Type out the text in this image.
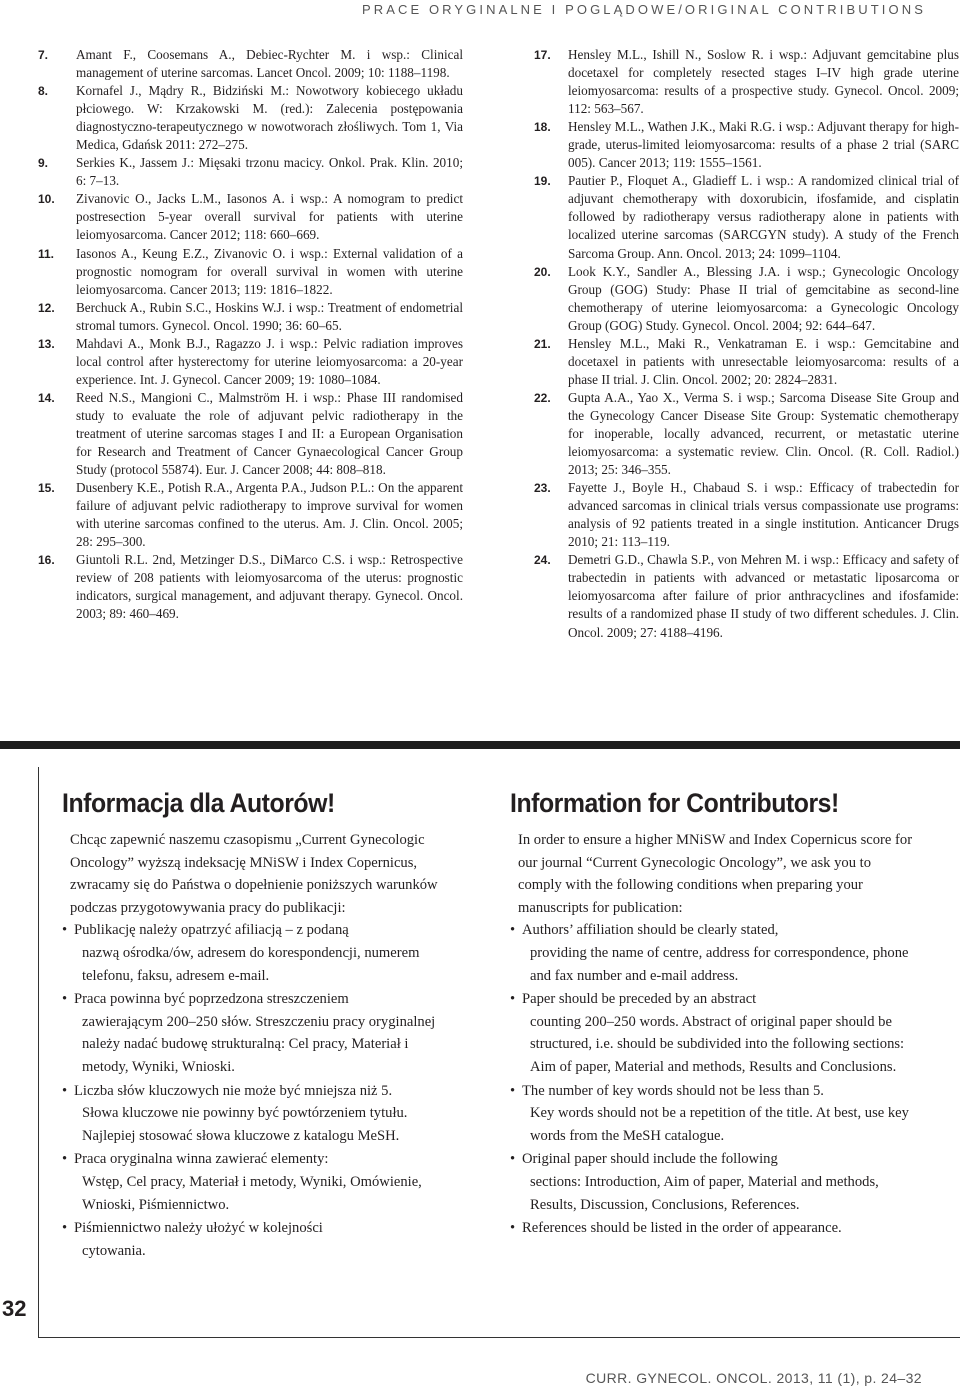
PRACE ORYGINALNE I POGLĄDOWE/ORIGINAL CONTRIBUTIONS
7.	Amant F., Coosemans A., Debiec-Rychter M. i wsp.: Clinical management of uterine sarcomas. Lancet Oncol. 2009; 10: 1188–1198.
8.	Kornafel J., Mądry R., Bidziński M.: Nowotwory kobiecego układu płciowego. W: Krzakowski M. (red.): Zalecenia postępowania diagnostyczno-terapeutycznego w nowotworach złośliwych. Tom 1, Via Medica, Gdańsk 2011: 272–275.
9.	Serkies K., Jassem J.: Mięsaki trzonu macicy. Onkol. Prak. Klin. 2010; 6: 7–13.
10.	Zivanovic O., Jacks L.M., Iasonos A. i wsp.: A nomogram to predict postresection 5-year overall survival for patients with uterine leiomyosarcoma. Cancer 2012; 118: 660–669.
11.	Iasonos A., Keung E.Z., Zivanovic O. i wsp.: External validation of a prognostic nomogram for overall survival in women with uterine leiomyosarcoma. Cancer 2013; 119: 1816–1822.
12.	Berchuck A., Rubin S.C., Hoskins W.J. i wsp.: Treatment of endometrial stromal tumors. Gynecol. Oncol. 1990; 36: 60–65.
13.	Mahdavi A., Monk B.J., Ragazzo J. i wsp.: Pelvic radiation improves local control after hysterectomy for uterine leiomyosarcoma: a 20-year experience. Int. J. Gynecol. Cancer 2009; 19: 1080–1084.
14.	Reed N.S., Mangioni C., Malmström H. i wsp.: Phase III randomised study to evaluate the role of adjuvant pelvic radiotherapy in the treatment of uterine sarcomas stages I and II: a European Organisation for Research and Treatment of Cancer Gynaecological Cancer Group Study (protocol 55874). Eur. J. Cancer 2008; 44: 808–818.
15.	Dusenbery K.E., Potish R.A., Argenta P.A., Judson P.L.: On the apparent failure of adjuvant pelvic radiotherapy to improve survival for women with uterine sarcomas confined to the uterus. Am. J. Clin. Oncol. 2005; 28: 295–300.
16.	Giuntoli R.L. 2nd, Metzinger D.S., DiMarco C.S. i wsp.: Retrospective review of 208 patients with leiomyosarcoma of the uterus: prognostic indicators, surgical management, and adjuvant therapy. Gynecol. Oncol. 2003; 89: 460–469.
17.	Hensley M.L., Ishill N., Soslow R. i wsp.: Adjuvant gemcitabine plus docetaxel for completely resected stages I–IV high grade uterine leiomyosarcoma: results of a prospective study. Gynecol. Oncol. 2009; 112: 563–567.
18.	Hensley M.L., Wathen J.K., Maki R.G. i wsp.: Adjuvant therapy for high-grade, uterus-limited leiomyosarcoma: results of a phase 2 trial (SARC 005). Cancer 2013; 119: 1555–1561.
19.	Pautier P., Floquet A., Gladieff L. i wsp.: A randomized clinical trial of adjuvant chemotherapy with doxorubicin, ifosfamide, and cisplatin followed by radiotherapy versus radiotherapy alone in patients with localized uterine sarcomas (SARCGYN study). A study of the French Sarcoma Group. Ann. Oncol. 2013; 24: 1099–1104.
20.	Look K.Y., Sandler A., Blessing J.A. i wsp.; Gynecologic Oncology Group (GOG) Study: Phase II trial of gemcitabine as second-line chemotherapy of uterine leiomyosarcoma: a Gynecologic Oncology Group (GOG) Study. Gynecol. Oncol. 2004; 92: 644–647.
21.	Hensley M.L., Maki R., Venkatraman E. i wsp.: Gemcitabine and docetaxel in patients with unresectable leiomyosarcoma: results of a phase II trial. J. Clin. Oncol. 2002; 20: 2824–2831.
22.	Gupta A.A., Yao X., Verma S. i wsp.; Sarcoma Disease Site Group and the Gynecology Cancer Disease Site Group: Systematic chemotherapy for inoperable, locally advanced, recurrent, or metastatic uterine leiomyosarcoma: a systematic review. Clin. Oncol. (R. Coll. Radiol.) 2013; 25: 346–355.
23.	Fayette J., Boyle H., Chabaud S. i wsp.: Efficacy of trabectedin for advanced sarcomas in clinical trials versus compassionate use programs: analysis of 92 patients treated in a single institution. Anticancer Drugs 2010; 21: 113–119.
24.	Demetri G.D., Chawla S.P., von Mehren M. i wsp.: Efficacy and safety of trabectedin in patients with advanced or metastatic liposarcoma or leiomyosarcoma after failure of prior anthracyclines and ifosfamide: results of a randomized phase II study of two different schedules. J. Clin. Oncol. 2009; 27: 4188–4196.
32
Informacja dla Autorów!
Chcąc zapewnić naszemu czasopismu „Current Gynecologic Oncology” wyższą indeksację MNiSW i Index Copernicus, zwracamy się do Państwa o dopełnienie poniższych warunków podczas przygotowywania pracy do publikacji:
• Publikację należy opatrzyć afiliacją – z podaną
nazwą ośrodka/ów, adresem do korespondencji, numerem telefonu, faksu, adresem e-mail.
• Praca powinna być poprzedzona streszczeniem
zawierającym 200–250 słów. Streszczeniu pracy oryginalnej należy nadać budowę strukturalną: Cel pracy, Materiał i metody, Wyniki, Wnioski.
• Liczba słów kluczowych nie może być mniejsza niż 5.
Słowa kluczowe nie powinny być powtórzeniem tytułu. Najlepiej stosować słowa kluczowe z katalogu MeSH.
• Praca oryginalna winna zawierać elementy:
Wstęp, Cel pracy, Materiał i metody, Wyniki, Omówienie, Wnioski, Piśmiennictwo.
• Piśmiennictwo należy ułożyć w kolejności
cytowania.
Information for Contributors!
In order to ensure a higher MNiSW and Index Copernicus score for our journal “Current Gynecologic Oncology”, we ask you to comply with the following conditions when preparing your manuscripts for publication:
• Authors’ affiliation should be clearly stated,
providing the name of centre, address for correspondence, phone and fax number and e-mail address.
• Paper should be preceded by an abstract
counting 200–250 words. Abstract of original paper should be structured, i.e. should be subdivided into the following sections: Aim of paper, Material and methods, Results and Conclusions.
• The number of key words should not be less than 5.
Key words should not be a repetition of the title. At best, use key words from the MeSH catalogue.
• Original paper should include the following
sections: Introduction, Aim of paper, Material and methods, Results, Discussion, Conclusions, References.
• References should be listed in the order of appearance.
CURR. GYNECOL. ONCOL. 2013, 11 (1), p. 24–32
